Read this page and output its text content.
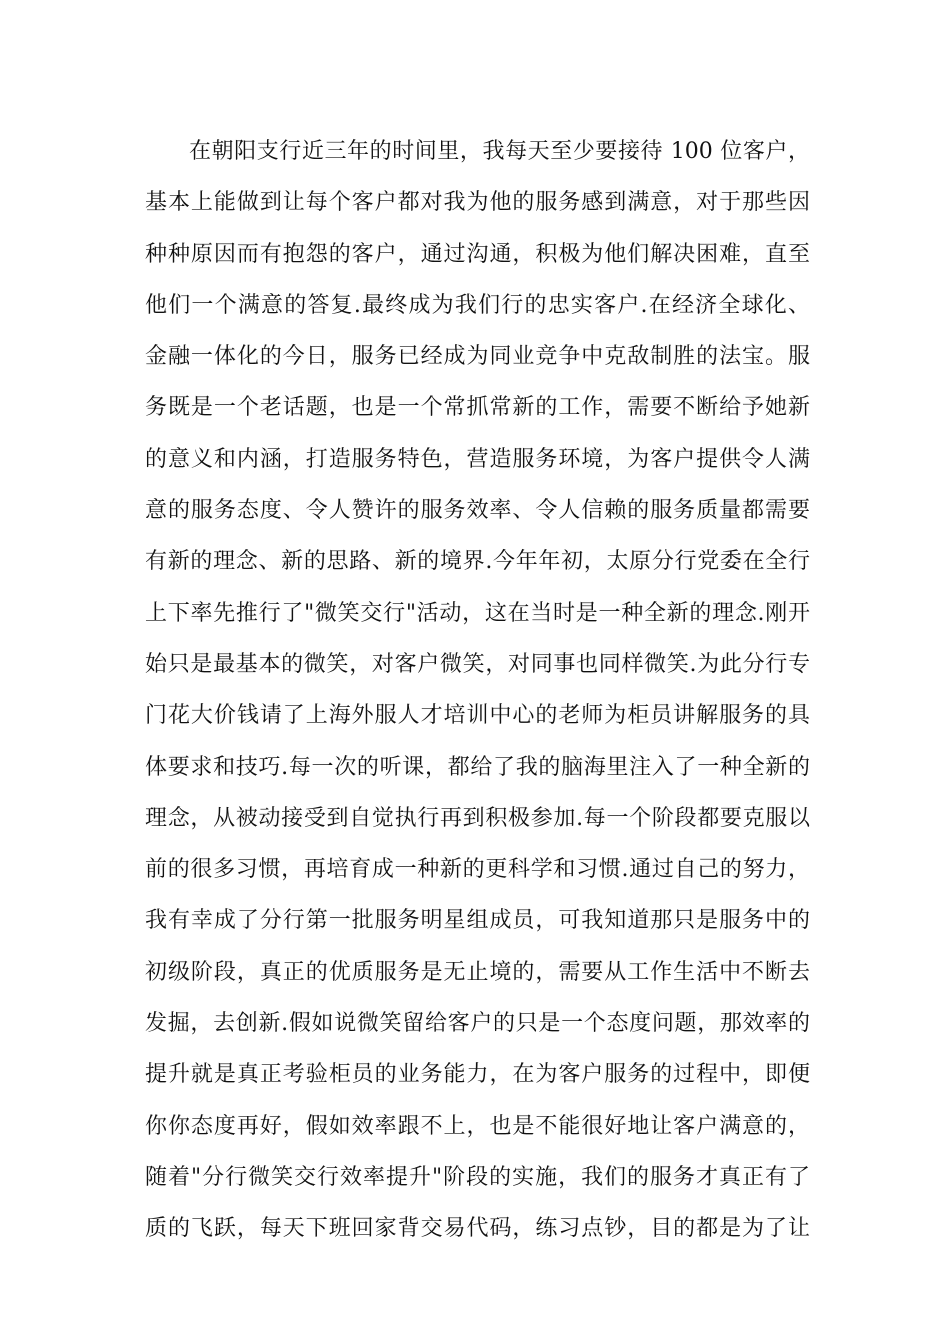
在朝阳支行近三年的时间里，我每天至少要接待 100 位客户，
基本上能做到让每个客户都对我为他的服务感到满意，对于那些因
种种原因而有抱怨的客户，通过沟通，积极为他们解决困难，直至
他们一个满意的答复.最终成为我们行的忠实客户.在经济全球化、
金融一体化的今日，服务已经成为同业竞争中克敌制胜的法宝。服
务既是一个老话题，也是一个常抓常新的工作，需要不断给予她新
的意义和内涵，打造服务特色，营造服务环境，为客户提供令人满
意的服务态度、令人赞许的服务效率、令人信赖的服务质量都需要
有新的理念、新的思路、新的境界.今年年初，太原分行党委在全行
上下率先推行了"微笑交行"活动，这在当时是一种全新的理念.刚开
始只是最基本的微笑，对客户微笑，对同事也同样微笑.为此分行专
门花大价钱请了上海外服人才培训中心的老师为柜员讲解服务的具
体要求和技巧.每一次的听课，都给了我的脑海里注入了一种全新的
理念，从被动接受到自觉执行再到积极参加.每一个阶段都要克服以
前的很多习惯，再培育成一种新的更科学和习惯.通过自己的努力，
我有幸成了分行第一批服务明星组成员，可我知道那只是服务中的
初级阶段，真正的优质服务是无止境的，需要从工作生活中不断去
发掘，去创新.假如说微笑留给客户的只是一个态度问题，那效率的
提升就是真正考验柜员的业务能力，在为客户服务的过程中，即便
你你态度再好，假如效率跟不上，也是不能很好地让客户满意的，
随着"分行微笑交行效率提升"阶段的实施，我们的服务才真正有了
质的飞跃，每天下班回家背交易代码，练习点钞，目的都是为了让
